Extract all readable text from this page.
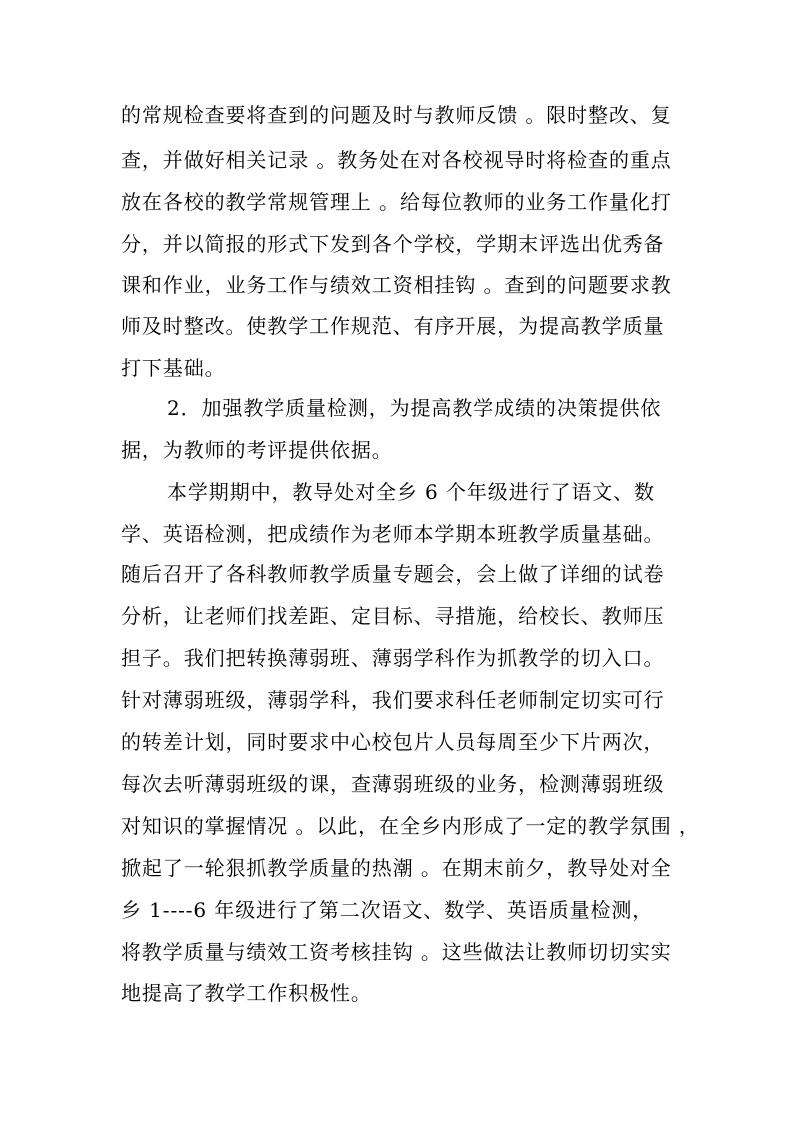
的常规检查要将查到的问题及时与教师反馈 。限时整改、复
查，并做好相关记录 。教务处在对各校视导时将检查的重点
放在各校的教学常规管理上 。给每位教师的业务工作量化打
分，并以简报的形式下发到各个学校，学期末评选出优秀备
课和作业，业务工作与绩效工资相挂钩 。查到的问题要求教
师及时整改。使教学工作规范、有序开展，为提高教学质量
打下基础。
2．加强教学质量检测，为提高教学成绩的决策提供依
据，为教师的考评提供依据。
本学期期中，教导处对全乡 6 个年级进行了语文、数
学、英语检测，把成绩作为老师本学期本班教学质量基础。
随后召开了各科教师教学质量专题会，会上做了详细的试卷
分析，让老师们找差距、定目标、寻措施，给校长、教师压
担子。我们把转换薄弱班、薄弱学科作为抓教学的切入口。
针对薄弱班级，薄弱学科，我们要求科任老师制定切实可行
的转差计划，同时要求中心校包片人员每周至少下片两次，
每次去听薄弱班级的课，查薄弱班级的业务，检测薄弱班级
对知识的掌握情况 。以此，在全乡内形成了一定的教学氛围 ，
掀起了一轮狠抓教学质量的热潮 。在期末前夕，教导处对全
乡 1----6 年级进行了第二次语文、数学、英语质量检测，
将教学质量与绩效工资考核挂钩 。这些做法让教师切切实实
地提高了教学工作积极性。
